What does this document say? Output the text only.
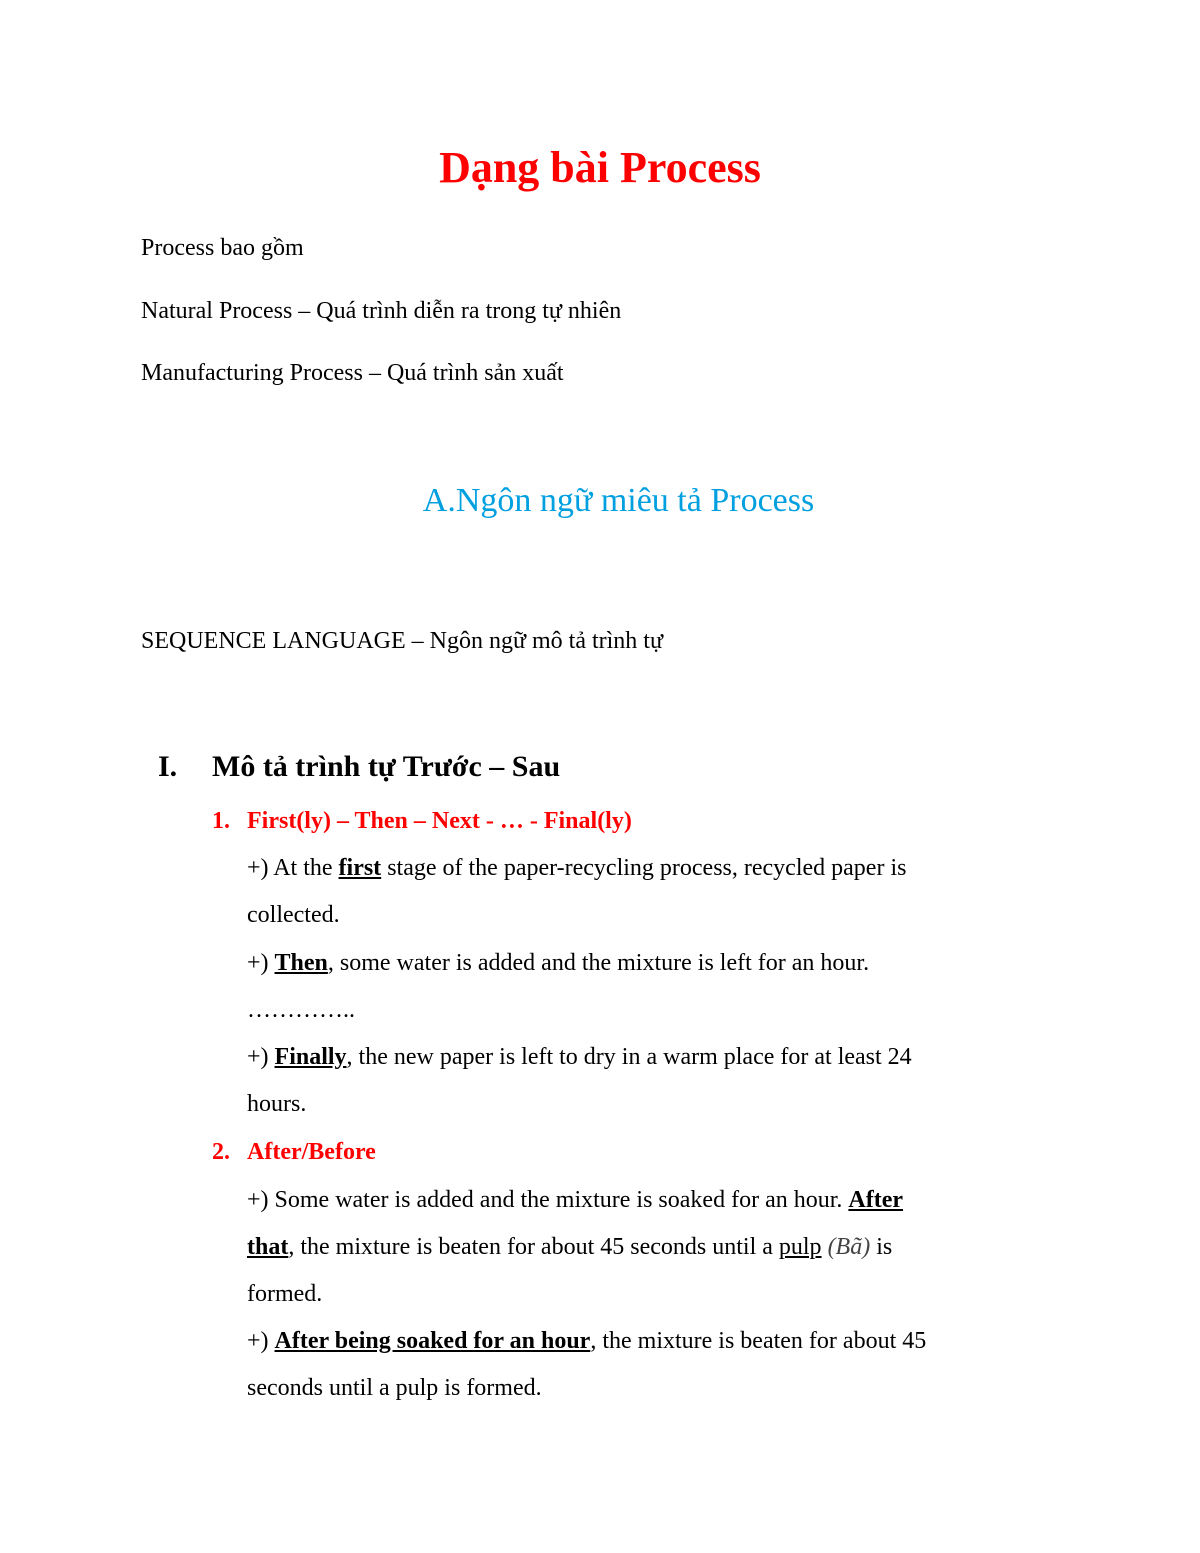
Dạng bài Process
Process bao gồm
Natural Process – Quá trình diễn ra trong tự nhiên
Manufacturing Process – Quá trình sản xuất
A.Ngôn ngữ miêu tả Process
SEQUENCE LANGUAGE – Ngôn ngữ mô tả trình tự
I. Mô tả trình tự Trước – Sau
1. First(ly) – Then – Next - … - Final(ly)
+) At the first stage of the paper-recycling process, recycled paper is
collected.
+) Then, some water is added and the mixture is left for an hour.
…………..
+) Finally, the new paper is left to dry in a warm place for at least 24
hours.
2. After/Before
+) Some water is added and the mixture is soaked for an hour. After
that, the mixture is beaten for about 45 seconds until a pulp (Bã) is
formed.
+) After being soaked for an hour, the mixture is beaten for about 45
seconds until a pulp is formed.
